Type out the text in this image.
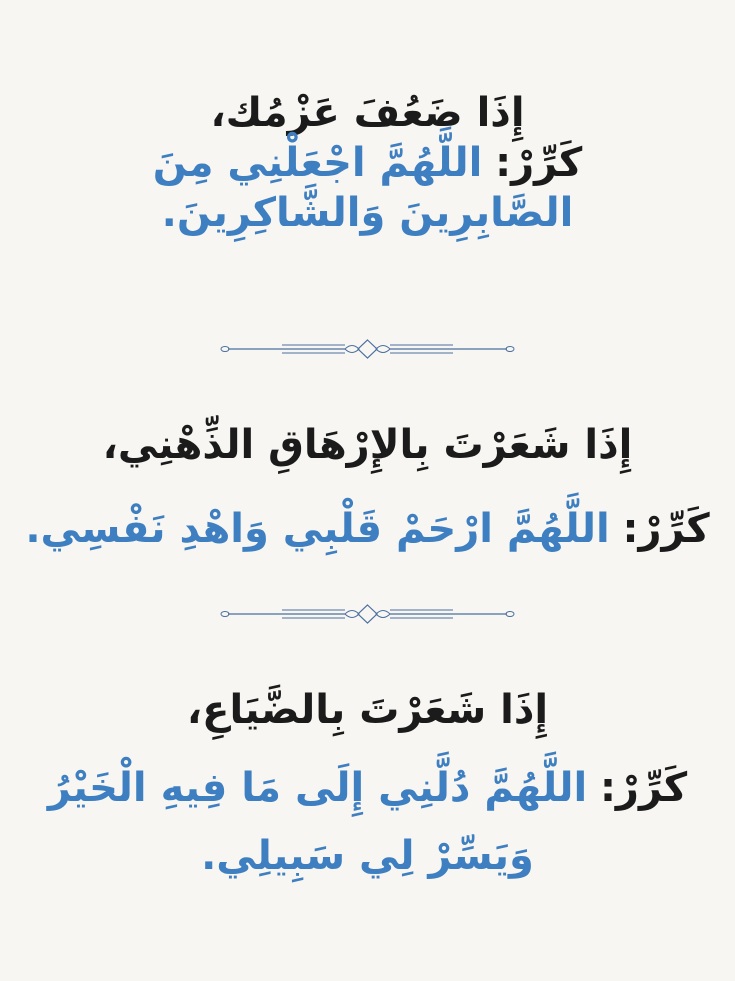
إِذَا ضَعُفَ عَزْمُك،
كَرِّرْ: اللَّهُمَّ اجْعَلْنِي مِنَ
الصَّابِرِينَ وَالشَّاكِرِينَ.
إِذَا شَعَرْتَ بِالإِرْهَاقِ الذِّهْنِي،
كَرِّرْ: اللَّهُمَّ ارْحَمْ قَلْبِي وَاهْدِ نَفْسِي.
إِذَا شَعَرْتَ بِالضَّيَاعِ،
كَرِّرْ: اللَّهُمَّ دُلَّنِي إِلَى مَا فِيهِ الْخَيْرُ
وَيَسِّرْ لِي سَبِيلِي.
